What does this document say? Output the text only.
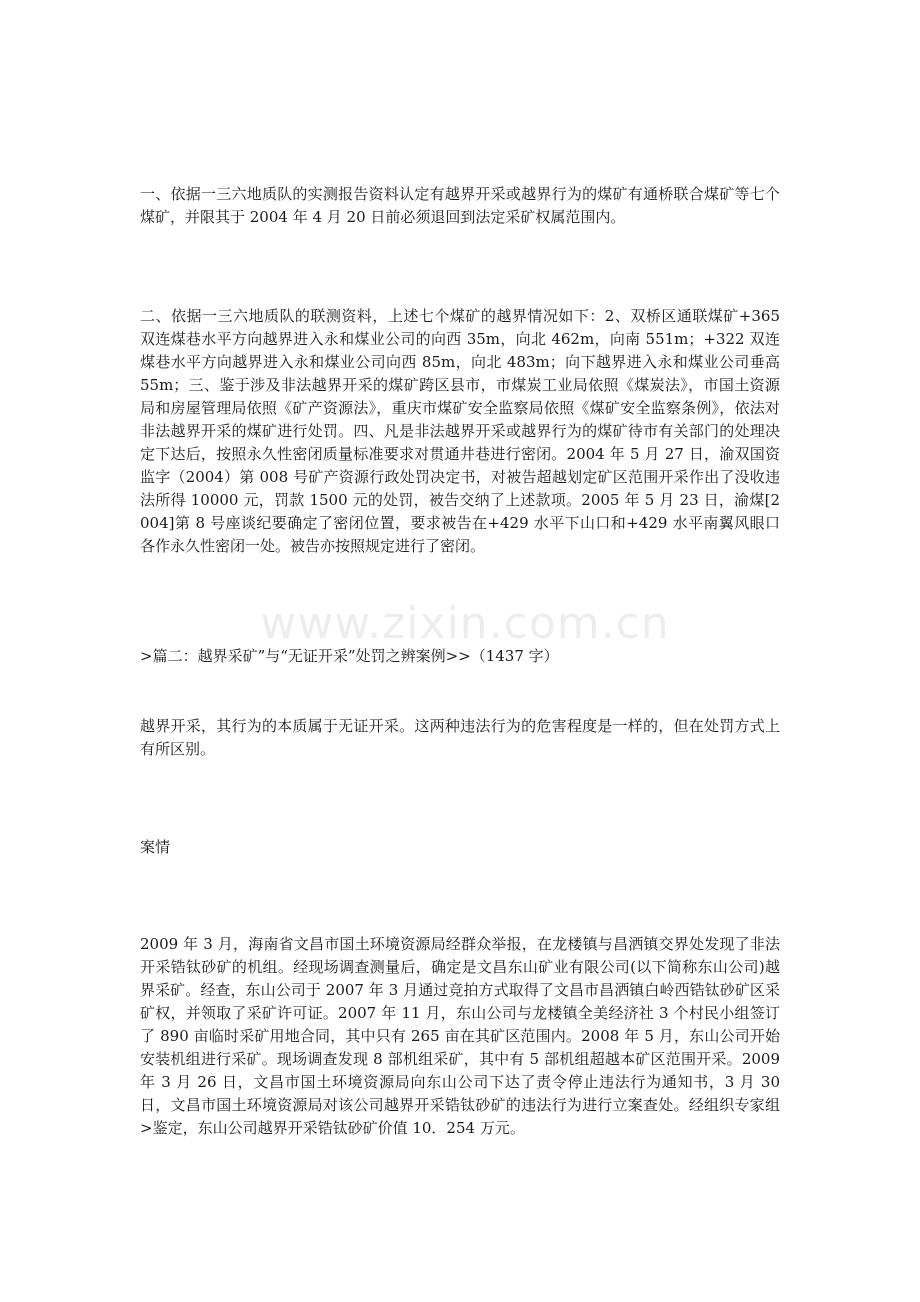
www.zixin.com.cn

一、依据一三六地质队的实测报告资料认定有越界开采或越界行为的煤矿有通桥联合煤矿等七个煤矿，并限其于 2004 年 4 月 20 日前必须退回到法定采矿权属范围内。

二、依据一三六地质队的联测资料，上述七个煤矿的越界情况如下：2、双桥区通联煤矿+365 双连煤巷水平方向越界进入永和煤业公司的向西 35m，向北 462m，向南 551m；+322 双连煤巷水平方向越界进入永和煤业公司向西 85m，向北 483m；向下越界进入永和煤业公司垂高 55m；三、鉴于涉及非法越界开采的煤矿跨区县市，市煤炭工业局依照《煤炭法》，市国土资源局和房屋管理局依照《矿产资源法》，重庆市煤矿安全监察局依照《煤矿安全监察条例》，依法对非法越界开采的煤矿进行处罚。四、凡是非法越界开采或越界行为的煤矿待市有关部门的处理决定下达后，按照永久性密闭质量标准要求对贯通井巷进行密闭。2004 年 5 月 27 日，渝双国资监字（2004）第 008 号矿产资源行政处罚决定书，对被告超越划定矿区范围开采作出了没收违法所得 10000 元，罚款 1500 元的处罚，被告交纳了上述款项。2005 年 5 月 23 日，渝煤[2004]第 8 号座谈纪要确定了密闭位置，要求被告在+429 水平下山口和+429 水平南翼风眼口各作永久性密闭一处。被告亦按照规定进行了密闭。

>篇二：越界采矿”与“无证开采”处罚之辨案例>>（1437 字）

越界开采，其行为的本质属于无证开采。这两种违法行为的危害程度是一样的，但在处罚方式上有所区别。

案情

2009 年 3 月，海南省文昌市国土环境资源局经群众举报，在龙楼镇与昌洒镇交界处发现了非法开采锆钛砂矿的机组。经现场调查测量后，确定是文昌东山矿业有限公司(以下简称东山公司)越界采矿。经查，东山公司于 2007 年 3 月通过竞拍方式取得了文昌市昌洒镇白岭西锆钛砂矿区采矿权，并领取了采矿许可证。2007 年 11 月，东山公司与龙楼镇全美经济社 3 个村民小组签订了 890 亩临时采矿用地合同，其中只有 265 亩在其矿区范围内。2008 年 5 月，东山公司开始安装机组进行采矿。现场调查发现 8 部机组采矿，其中有 5 部机组超越本矿区范围开采。2009 年 3 月 26 日，文昌市国土环境资源局向东山公司下达了责令停止违法行为通知书，3 月 30 日，文昌市国土环境资源局对该公司越界开采锆钛砂矿的违法行为进行立案查处。经组织专家组>鉴定，东山公司越界开采锆钛砂矿价值 10．254 万元。
